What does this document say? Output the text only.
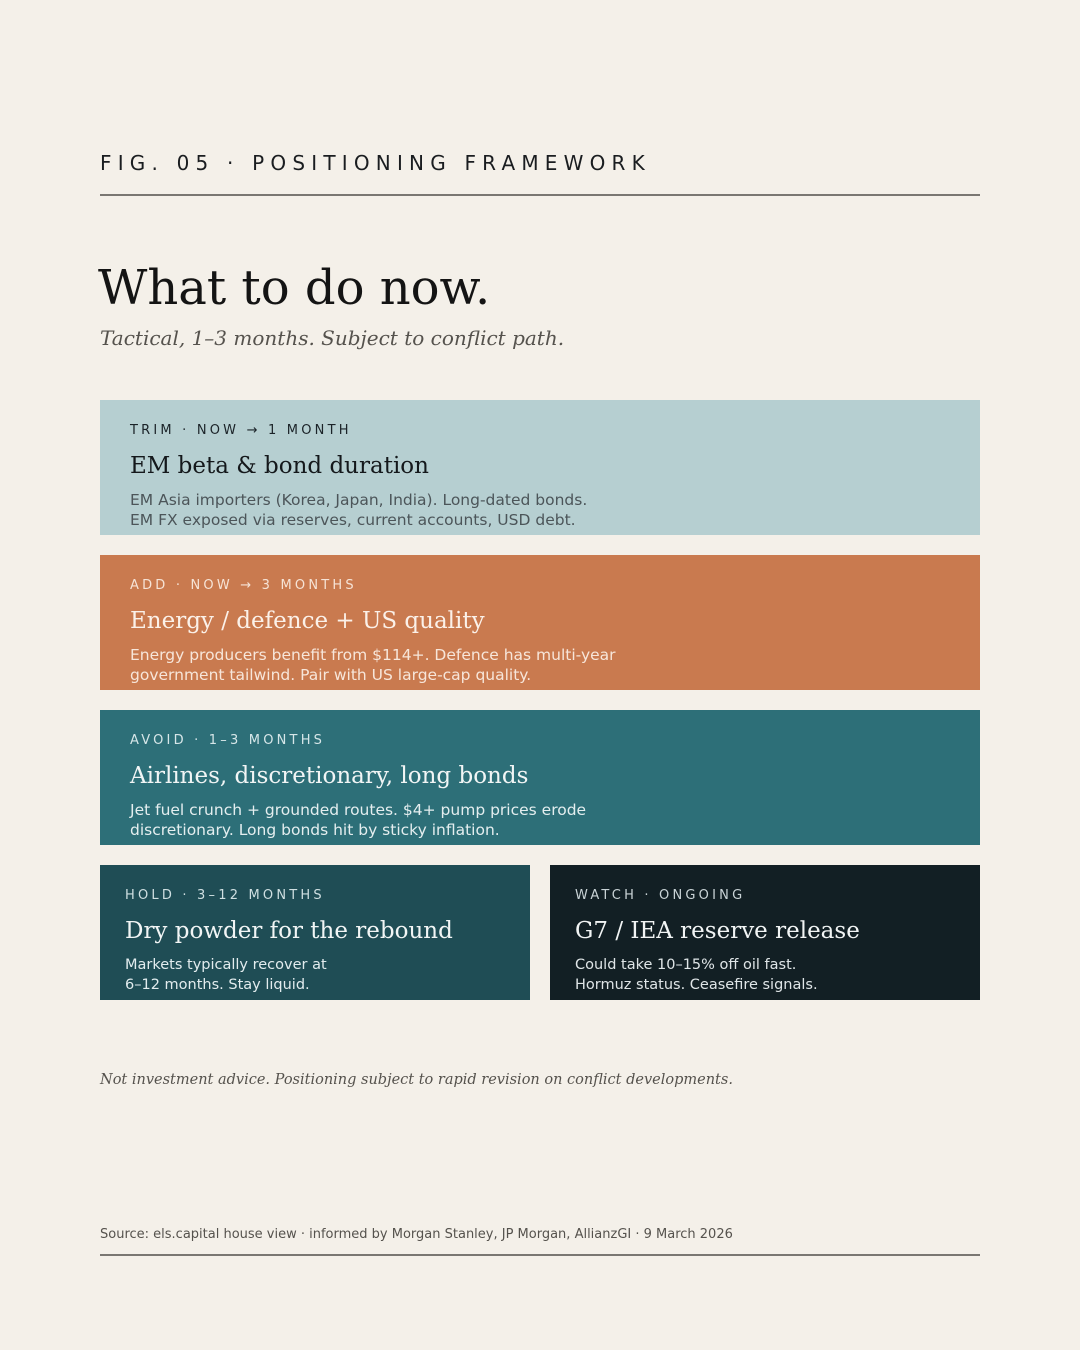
FIG. 05 · POSITIONING FRAMEWORK
What to do now.
Tactical, 1–3 months. Subject to conflict path.
TRIM · NOW → 1 MONTH
EM beta & bond duration
EM Asia importers (Korea, Japan, India). Long-dated bonds.
EM FX exposed via reserves, current accounts, USD debt.
ADD · NOW → 3 MONTHS
Energy / defence + US quality
Energy producers benefit from $114+. Defence has multi-year
government tailwind. Pair with US large-cap quality.
AVOID · 1–3 MONTHS
Airlines, discretionary, long bonds
Jet fuel crunch + grounded routes. $4+ pump prices erode
discretionary. Long bonds hit by sticky inflation.
HOLD · 3–12 MONTHS
Dry powder for the rebound
Markets typically recover at
6–12 months. Stay liquid.
WATCH · ONGOING
G7 / IEA reserve release
Could take 10–15% off oil fast.
Hormuz status. Ceasefire signals.
Not investment advice. Positioning subject to rapid revision on conflict developments.
Source: els.capital house view · informed by Morgan Stanley, JP Morgan, AllianzGI · 9 March 2026
